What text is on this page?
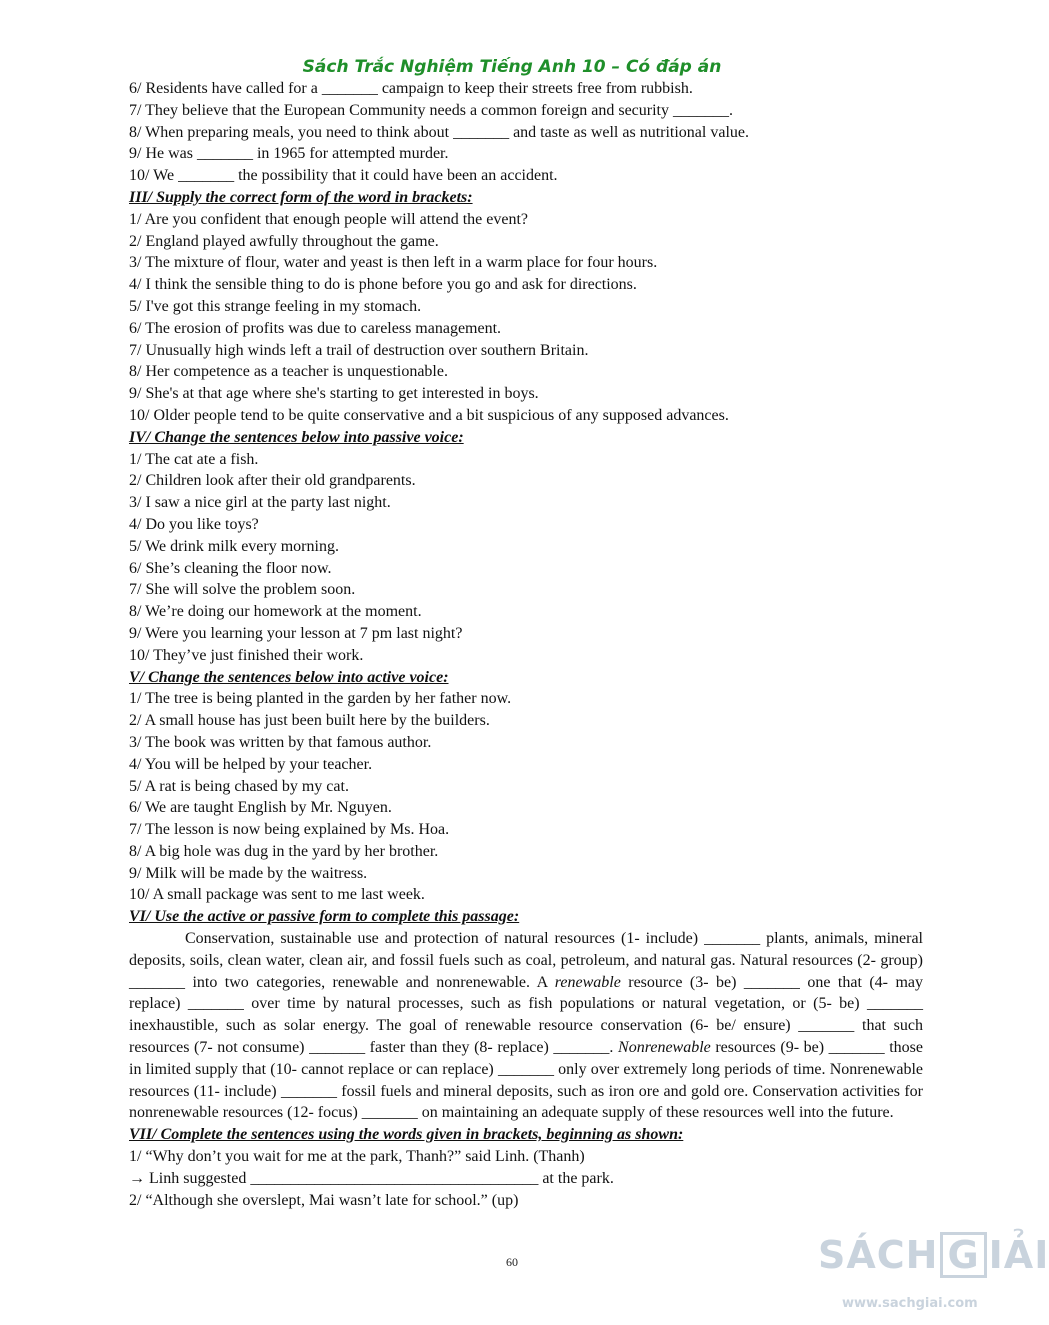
Sách Trắc Nghiệm Tiếng Anh 10 – Có đáp án
6/ Residents have called for a _______ campaign to keep their streets free from rubbish.
7/ They believe that the European Community needs a common foreign and security _______.
8/ When preparing meals, you need to think about _______ and taste as well as nutritional value.
9/ He was _______ in 1965 for attempted murder.
10/ We _______ the possibility that it could have been an accident.
III/ Supply the correct form of the word in brackets:
1/ Are you confident that enough people will attend the event?
2/ England played awfully throughout the game.
3/ The mixture of flour, water and yeast is then left in a warm place for four hours.
4/ I think the sensible thing to do is phone before you go and ask for directions.
5/ I've got this strange feeling in my stomach.
6/ The erosion of profits was due to careless management.
7/ Unusually high winds left a trail of destruction over southern Britain.
8/ Her competence as a teacher is unquestionable.
9/ She's at that age where she's starting to get interested in boys.
10/ Older people tend to be quite conservative and a bit suspicious of any supposed advances.
IV/ Change the sentences below into passive voice:
1/ The cat ate a fish.
2/ Children look after their old grandparents.
3/ I saw a nice girl at the party last night.
4/ Do you like toys?
5/ We drink milk every morning.
6/ She’s cleaning the floor now.
7/ She will solve the problem soon.
8/ We’re doing our homework at the moment.
9/ Were you learning your lesson at 7 pm last night?
10/ They’ve just finished their work.
V/ Change the sentences below into active voice:
1/ The tree is being planted in the garden by her father now.
2/ A small house has just been built here by the builders.
3/ The book was written by that famous author.
4/ You will be helped by your teacher.
5/ A rat is being chased by my cat.
6/ We are taught English by Mr. Nguyen.
7/ The lesson is now being explained by Ms. Hoa.
8/ A big hole was dug in the yard by her brother.
9/ Milk will be made by the waitress.
10/ A small package was sent to me last week.
VI/ Use the active or passive form to complete this passage:
Conservation, sustainable use and protection of natural resources (1- include) _______ plants, animals, mineral deposits, soils, clean water, clean air, and fossil fuels such as coal, petroleum, and natural gas. Natural resources (2- group) _______ into two categories, renewable and nonrenewable. A renewable resource (3- be) _______ one that (4- may replace) _______ over time by natural processes, such as fish populations or natural vegetation, or (5- be) _______ inexhaustible, such as solar energy. The goal of renewable resource conservation (6- be/ ensure) _______ that such resources (7- not consume) _______ faster than they (8- replace) _______. Nonrenewable resources (9- be) _______ those in limited supply that (10- cannot replace or can replace) _______ only over extremely long periods of time. Nonrenewable resources (11- include) _______ fossil fuels and mineral deposits, such as iron ore and gold ore. Conservation activities for nonrenewable resources (12- focus) _______ on maintaining an adequate supply of these resources well into the future.
VII/ Complete the sentences using the words given in brackets, beginning as shown:
1/ “Why don’t you wait for me at the park, Thanh?” said Linh. (Thanh)
→ Linh suggested ____________________________________ at the park.
2/ “Although she overslept, Mai wasn’t late for school.” (up)
60	SÁCH G IẢI
www.sachgiai.com
